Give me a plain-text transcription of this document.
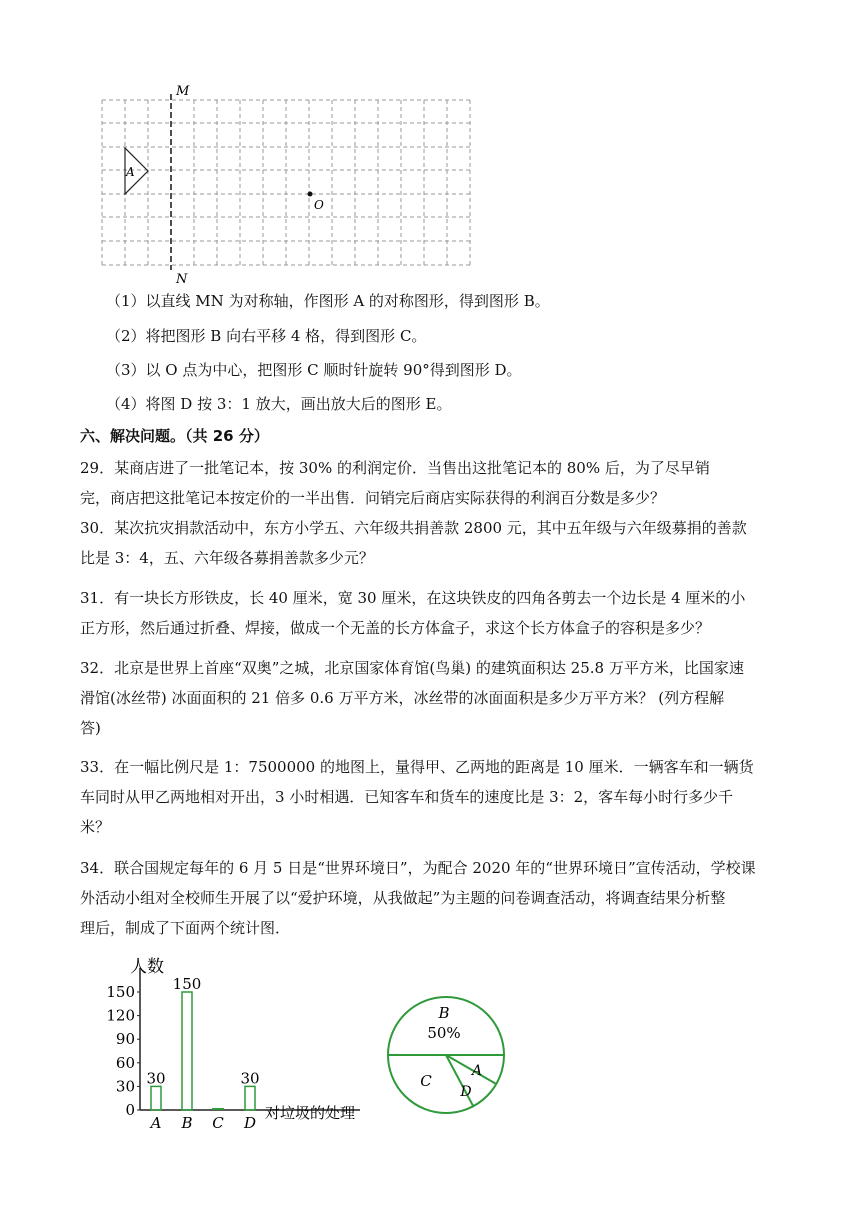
M
N
A
O
（1）以直线 MN 为对称轴，作图形 A 的对称图形，得到图形 B。
（2）将把图形 B 向右平移 4 格，得到图形 C。
（3）以 O 点为中心，把图形 C 顺时针旋转 90°得到图形 D。
（4）将图 D 按 3：1 放大，画出放大后的图形 E。
六、解决问题。（共 26 分）
29．某商店进了一批笔记本，按 30% 的利润定价．当售出这批笔记本的 80% 后，为了尽早销
完，商店把这批笔记本按定价的一半出售．问销完后商店实际获得的利润百分数是多少？
30．某次抗灾捐款活动中，东方小学五、六年级共捐善款 2800 元，其中五年级与六年级募捐的善款
比是 3：4，五、六年级各募捐善款多少元？
31．有一块长方形铁皮，长 40 厘米，宽 30 厘米，在这块铁皮的四角各剪去一个边长是 4 厘米的小
正方形，然后通过折叠、焊接，做成一个无盖的长方体盒子，求这个长方体盒子的容积是多少？
32．北京是世界上首座“双奥”之城，北京国家体育馆(鸟巢) 的建筑面积达 25.8 万平方米，比国家速
滑馆(冰丝带) 冰面面积的 21 倍多 0.6 万平方米，冰丝带的冰面面积是多少万平方米？ (列方程解
答)
33．在一幅比例尺是 1：7500000 的地图上，量得甲、乙两地的距离是 10 厘米．一辆客车和一辆货
车同时从甲乙两地相对开出，3 小时相遇．已知客车和货车的速度比是 3：2，客车每小时行多少千
米？
34．联合国规定每年的 6 月 5 日是“世界环境日”，为配合 2020 年的“世界环境日”宣传活动，学校课
外活动小组对全校师生开展了以“爱护环境，从我做起”为主题的问卷调查活动，将调查结果分析整
理后，制成了下面两个统计图．
人数
对垃圾的处理
0
30
60
90
120
150
A
30
B
150
C D
30
B
50%
A
D
C
